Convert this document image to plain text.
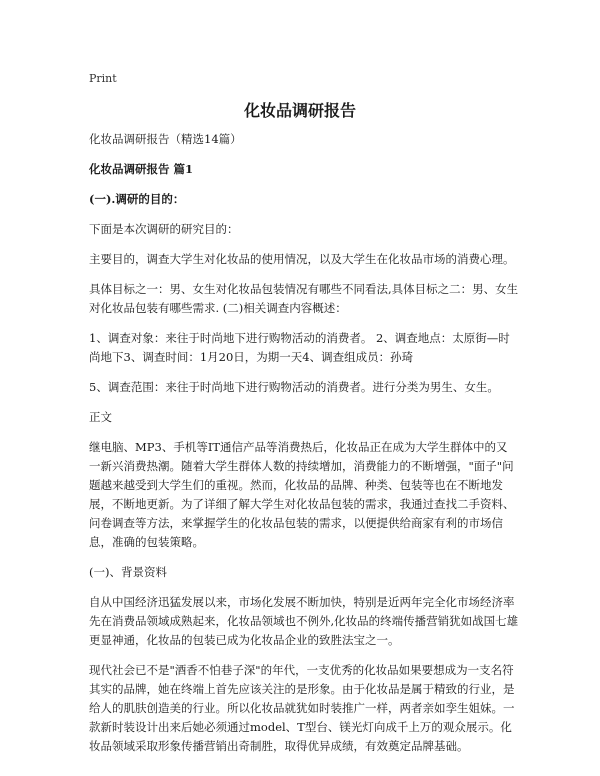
Print
化妆品调研报告

化妆品调研报告（精选14篇）

化妆品调研报告 篇1

(一).调研的目的：

下面是本次调研的研究目的：

主要目的，调查大学生对化妆品的使用情况，以及大学生在化妆品市场的消费心理。

具体目标之一：男、女生对化妆品包装情况有哪些不同看法,具体目标之二：男、女生对化妆品包装有哪些需求. (二)相关调查内容概述：

1、调查对象：来往于时尚地下进行购物活动的消费者。 2、调查地点：太原街—时尚地下3、调查时间：1月20日，为期一天4、调查组成员：孙琦

5、调查范围：来往于时尚地下进行购物活动的消费者。进行分类为男生、女生。

正文

继电脑、MP3、手机等IT通信产品等消费热后，化妆品正在成为大学生群体中的又一新兴消费热潮。随着大学生群体人数的持续增加，消费能力的不断增强，"面子"问题越来越受到大学生们的重视。然而，化妆品的品牌、种类、包装等也在不断地发展，不断地更新。为了详细了解大学生对化妆品包装的需求，我通过查找二手资料、问卷调查等方法，来掌握学生的化妆品包装的需求，以便提供给商家有利的市场信息，准确的包装策略。

(一)、背景资料

自从中国经济迅猛发展以来，市场化发展不断加快，特别是近两年完全化市场经济率先在消费品领域成熟起来，化妆品领域也不例外,化妆品的终端传播营销犹如战国七雄更显神通，化妆品的包装已成为化妆品企业的致胜法宝之一。

现代社会已不是"酒香不怕巷子深"的年代，一支优秀的化妆品如果要想成为一支名符其实的品牌，她在终端上首先应该关注的是形象。由于化妆品是属于精致的行业，是给人的肌肤创造美的行业。所以化妆品就犹如时装推广一样，两者亲如孪生姐妹。一款新时装设计出来后她必须通过model、T型台、镁光灯向成千上万的观众展示。化妆品领域采取形象传播营销出奇制胜，取得优异成绩，有效奠定品牌基础。
